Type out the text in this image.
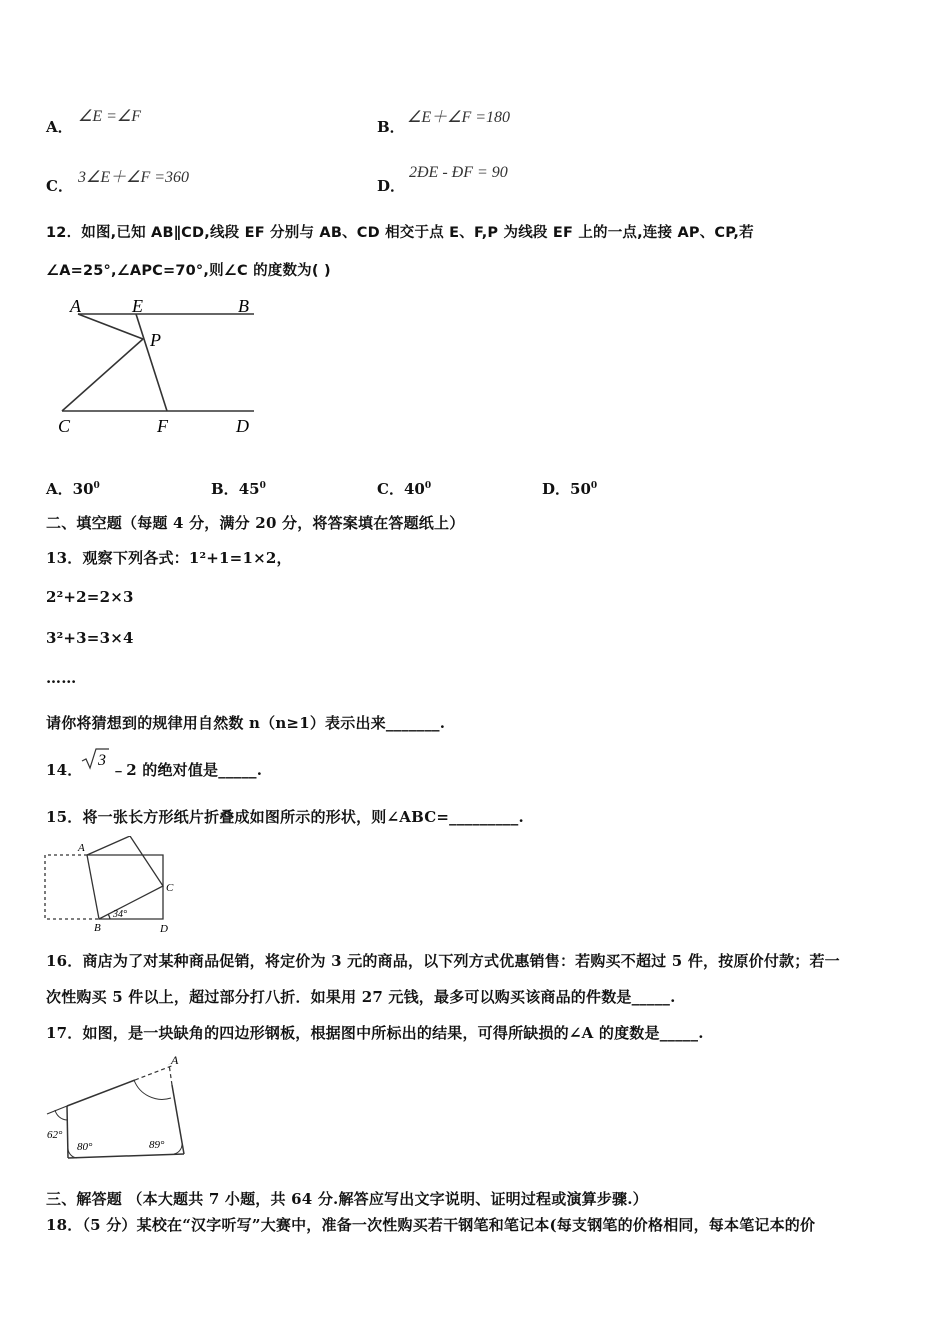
A．
∠E =∠F
B．
∠E＋∠F =180
C． 3∠E＋∠F =360	D．
2ÐE - ÐF = 90
12．如图,已知 AB∥CD,线段 EF 分别与 AB、CD 相交于点 E、F,P 为线段 EF 上的一点,连接 AP、CP,若
∠A=25°,∠APC=70°,则∠C 的度数为( )
A	E	B
P
C	F	D
A．$30^0$	B．$45^0$	C．$40^0$	D．$50^0$
二、填空题（每题 4 分，满分 20 分，将答案填在答题纸上）
13．观察下列各式：1²+1=1×2，
2²+2=2×3
3²+3=3×4
……
请你将猜想到的规律用自然数 n（n≥1）表示出来_______.
14．
3
﹣2 的绝对值是_____.
15．将一张长方形纸片折叠成如图所示的形状，则∠ABC=_________.
A
B
C
D
34°
16．商店为了对某种商品促销，将定价为 3 元的商品，以下列方式优惠销售：若购买不超过 5 件，按原价付款；若一
次性购买 5 件以上，超过部分打八折．如果用 27 元钱，最多可以购买该商品的件数是_____.
17．如图，是一块缺角的四边形钢板，根据图中所标出的结果，可得所缺损的∠A 的度数是_____.
A
62°
80°	89°
三、解答题 （本大题共 7 小题，共 64 分.解答应写出文字说明、证明过程或演算步骤.）
18．（5 分）某校在“汉字听写”大赛中，准备一次性购买若干钢笔和笔记本(每支钢笔的价格相同，每本笔记本的价
